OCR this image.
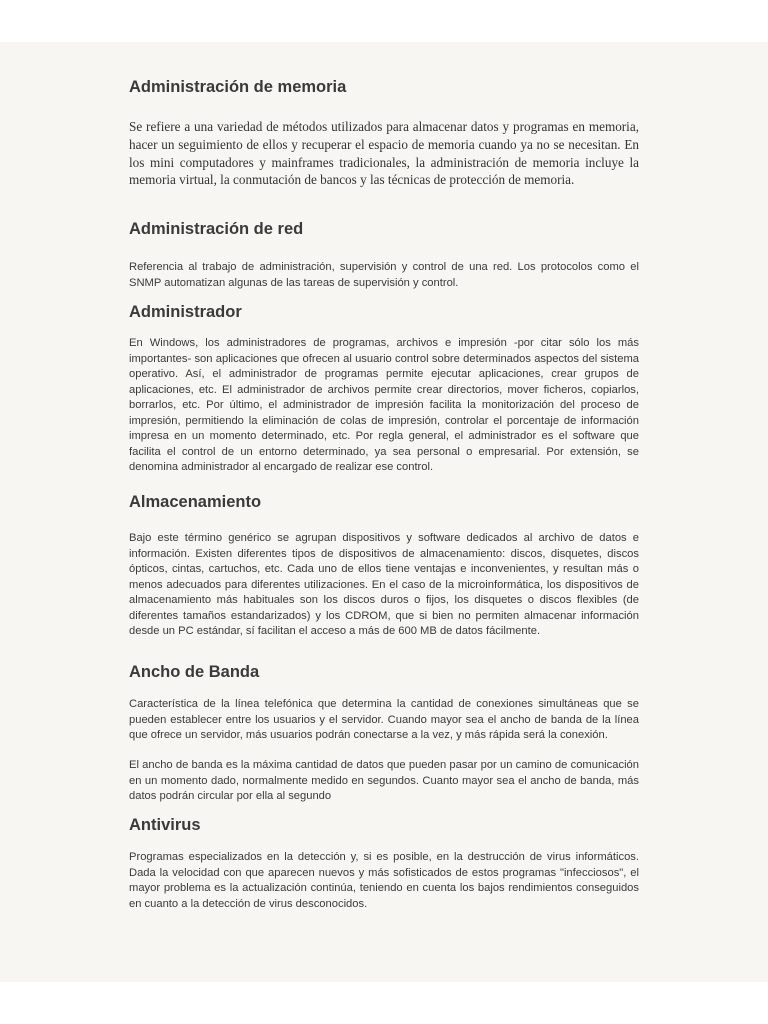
Administración de memoria

Se refiere a una variedad de métodos utilizados para almacenar datos y programas en memoria, hacer un seguimiento de ellos y recuperar el espacio de memoria cuando ya no se necesitan. En los mini computadores y mainframes tradicionales, la administración de memoria incluye la memoria virtual, la conmutación de bancos y las técnicas de protección de memoria.

Administración de red

Referencia al trabajo de administración, supervisión y control de una red. Los protocolos como el SNMP automatizan algunas de las tareas de supervisión y control.

Administrador

En Windows, los administradores de programas, archivos e impresión -por citar sólo los más importantes- son aplicaciones que ofrecen al usuario control sobre determinados aspectos del sistema operativo. Así, el administrador de programas permite ejecutar aplicaciones, crear grupos de aplicaciones, etc. El administrador de archivos permite crear directorios, mover ficheros, copiarlos, borrarlos, etc. Por último, el administrador de impresión facilita la monitorización del proceso de impresión, permitiendo la eliminación de colas de impresión, controlar el porcentaje de información impresa en un momento determinado, etc. Por regla general, el administrador es el software que facilita el control de un entorno determinado, ya sea personal o empresarial. Por extensión, se denomina administrador al encargado de realizar ese control.

Almacenamiento

Bajo este término genérico se agrupan dispositivos y software dedicados al archivo de datos e información. Existen diferentes tipos de dispositivos de almacenamiento: discos, disquetes, discos ópticos, cintas, cartuchos, etc. Cada uno de ellos tiene ventajas e inconvenientes, y resultan más o menos adecuados para diferentes utilizaciones. En el caso de la microinformática, los dispositivos de almacenamiento más habituales son los discos duros o fijos, los disquetes o discos flexibles (de diferentes tamaños estandarizados) y los CDROM, que si bien no permiten almacenar información desde un PC estándar, sí facilitan el acceso a más de 600 MB de datos fácilmente.

Ancho de Banda

Característica de la línea telefónica que determina la cantidad de conexiones simultáneas que se pueden establecer entre los usuarios y el servidor. Cuando mayor sea el ancho de banda de la línea que ofrece un servidor, más usuarios podrán conectarse a la vez, y más rápida será la conexión.

El ancho de banda es la máxima cantidad de datos que pueden pasar por un camino de comunicación en un momento dado, normalmente medido en segundos. Cuanto mayor sea el ancho de banda, más datos podrán circular por ella al segundo

Antivirus

Programas especializados en la detección y, si es posible, en la destrucción de virus informáticos. Dada la velocidad con que aparecen nuevos y más sofisticados de estos programas "infecciosos", el mayor problema es la actualización continúa, teniendo en cuenta los bajos rendimientos conseguidos en cuanto a la detección de virus desconocidos.
